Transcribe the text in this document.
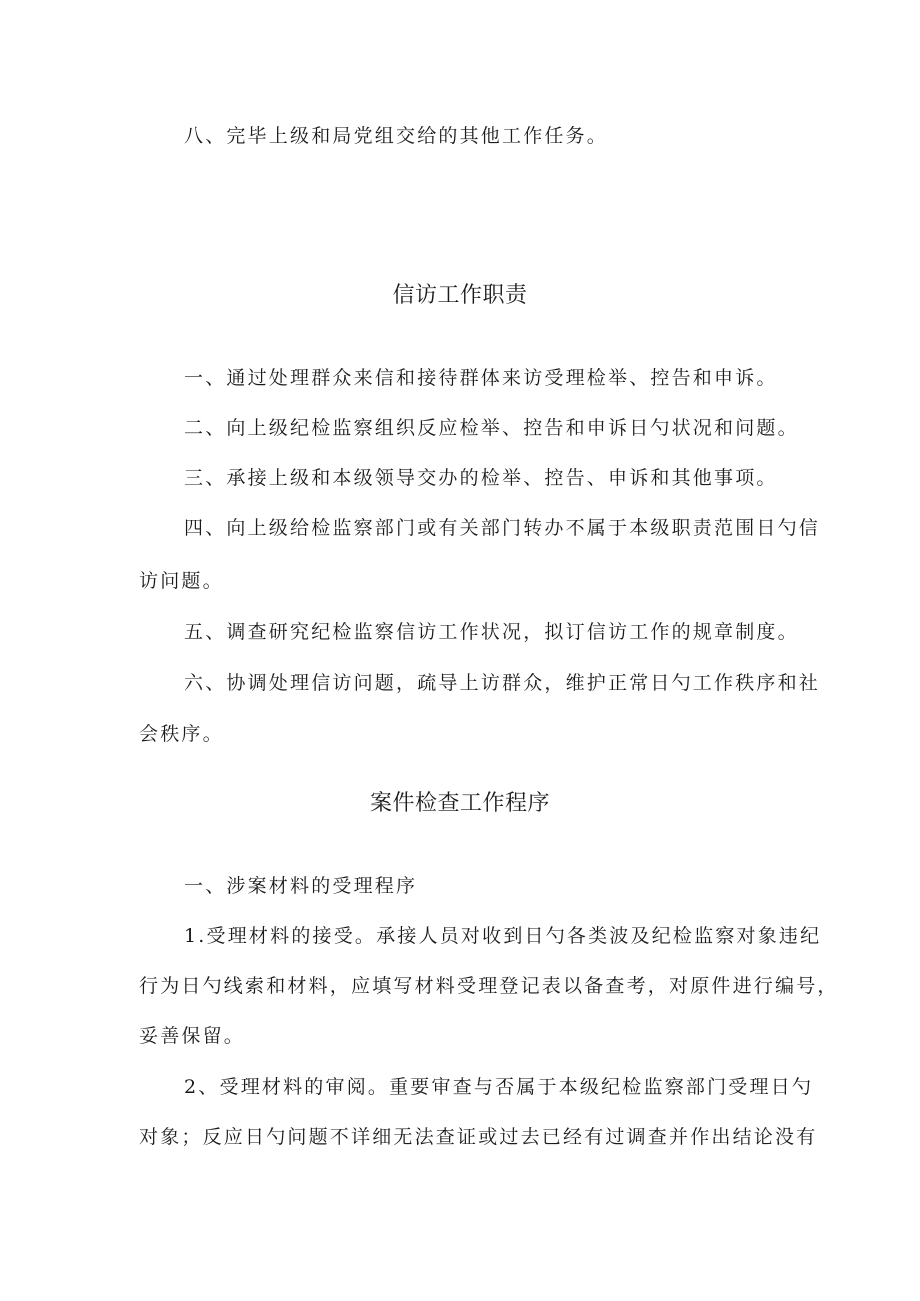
八、完毕上级和局党组交给的其他工作任务。
信访工作职责
一、通过处理群众来信和接待群体来访受理检举、控告和申诉。
二、向上级纪检监察组织反应检举、控告和申诉日勺状况和问题。
三、承接上级和本级领导交办的检举、控告、申诉和其他事项。
四、向上级给检监察部门或有关部门转办不属于本级职责范围日勺信
访问题。
五、调查研究纪检监察信访工作状况，拟订信访工作的规章制度。
六、协调处理信访问题，疏导上访群众，维护正常日勺工作秩序和社
会秩序。
案件检查工作程序
一、涉案材料的受理程序
1.受理材料的接受。承接人员对收到日勺各类波及纪检监察对象违纪
行为日勺线索和材料，应填写材料受理登记表以备查考，对原件进行编号，
妥善保留。
2、受理材料的审阅。重要审查与否属于本级纪检监察部门受理日勺
对象；反应日勺问题不详细无法查证或过去已经有过调查并作出结论没有
